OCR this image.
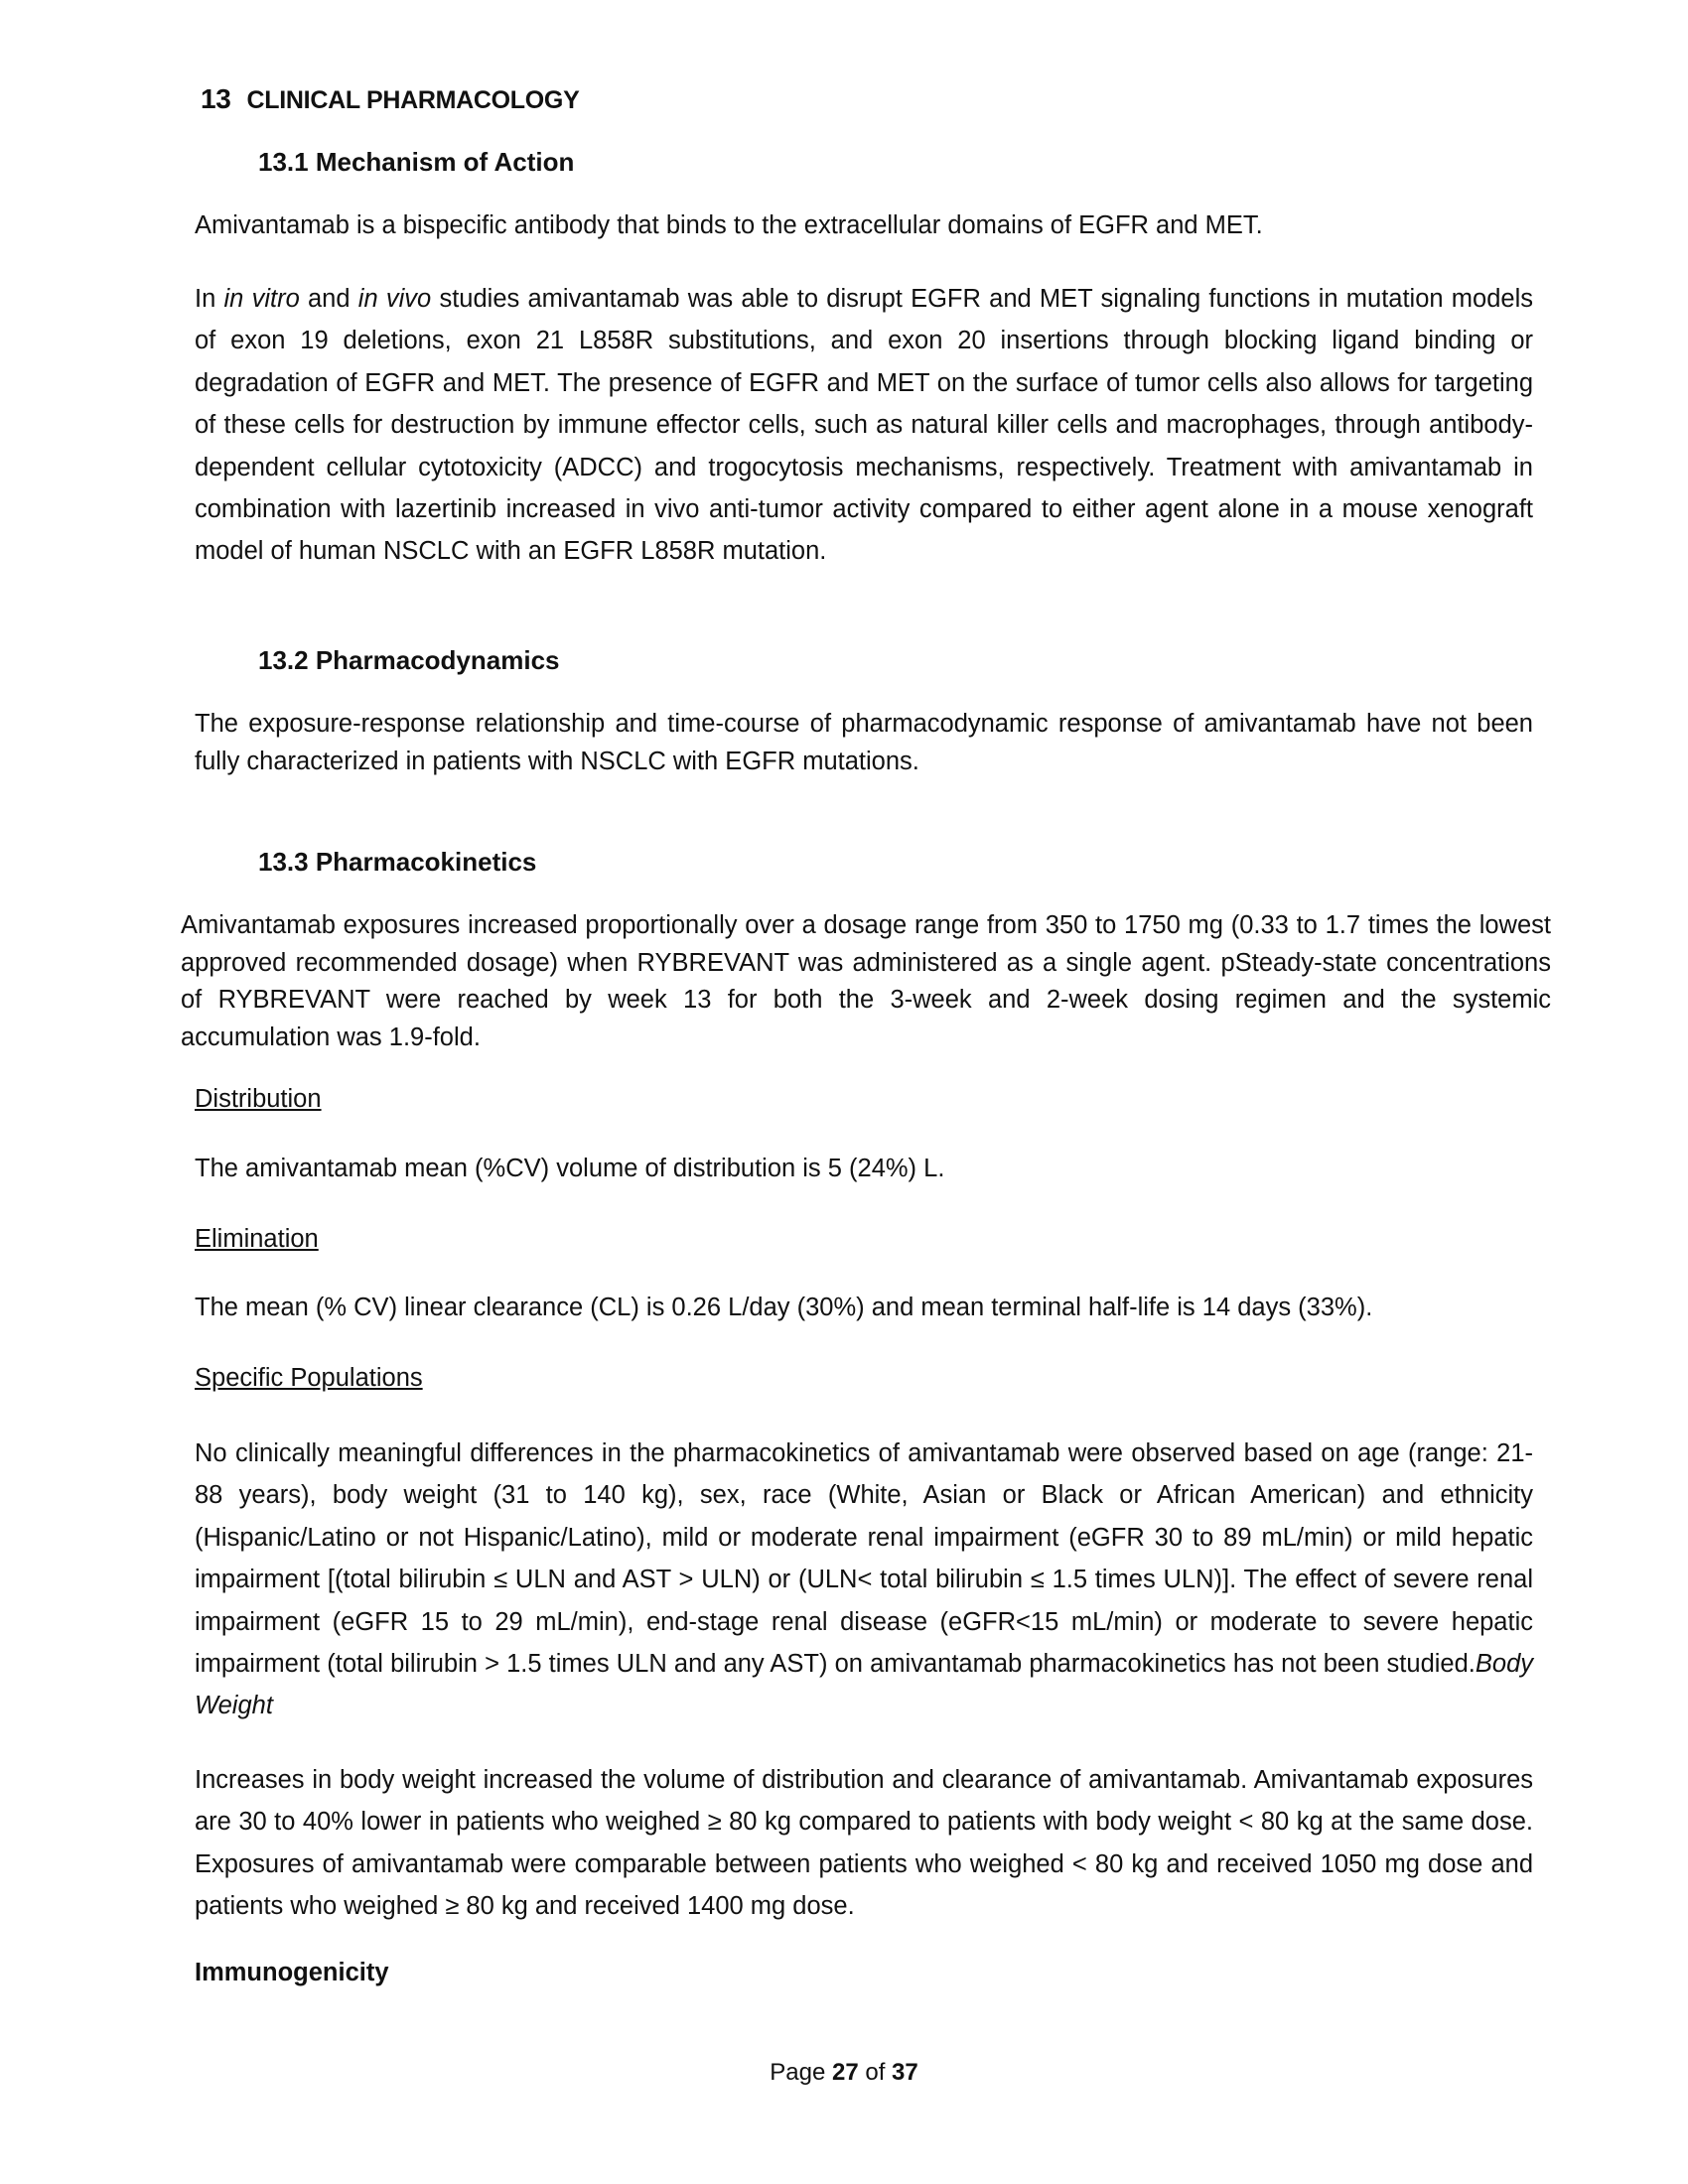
13 CLINICAL PHARMACOLOGY
13.1 Mechanism of Action
Amivantamab is a bispecific antibody that binds to the extracellular domains of EGFR and MET.
In in vitro and in vivo studies amivantamab was able to disrupt EGFR and MET signaling functions in mutation models of exon 19 deletions, exon 21 L858R substitutions, and exon 20 insertions through blocking ligand binding or degradation of EGFR and MET. The presence of EGFR and MET on the surface of tumor cells also allows for targeting of these cells for destruction by immune effector cells, such as natural killer cells and macrophages, through antibody-dependent cellular cytotoxicity (ADCC) and trogocytosis mechanisms, respectively. Treatment with amivantamab in combination with lazertinib increased in vivo anti-tumor activity compared to either agent alone in a mouse xenograft model of human NSCLC with an EGFR L858R mutation.
13.2 Pharmacodynamics
The exposure-response relationship and time-course of pharmacodynamic response of amivantamab have not been fully characterized in patients with NSCLC with EGFR mutations.
13.3 Pharmacokinetics
Amivantamab exposures increased proportionally over a dosage range from 350 to 1750 mg (0.33 to 1.7 times the lowest approved recommended dosage) when RYBREVANT was administered as a single agent. pSteady-state concentrations of RYBREVANT were reached by week 13 for both the 3-week and 2-week dosing regimen and the systemic accumulation was 1.9-fold.
Distribution
The amivantamab mean (%CV) volume of distribution is 5 (24%) L.
Elimination
The mean (% CV) linear clearance (CL) is 0.26 L/day (30%) and mean terminal half-life is 14 days (33%).
Specific Populations
No clinically meaningful differences in the pharmacokinetics of amivantamab were observed based on age (range: 21-88 years), body weight (31 to 140 kg), sex, race (White, Asian or Black or African American) and ethnicity (Hispanic/Latino or not Hispanic/Latino), mild or moderate renal impairment (eGFR 30 to 89 mL/min) or mild hepatic impairment [(total bilirubin ≤ ULN and AST > ULN) or (ULN< total bilirubin ≤ 1.5 times ULN)]. The effect of severe renal impairment (eGFR 15 to 29 mL/min), end-stage renal disease (eGFR<15 mL/min) or moderate to severe hepatic impairment (total bilirubin > 1.5 times ULN and any AST) on amivantamab pharmacokinetics has not been studied.Body Weight
Increases in body weight increased the volume of distribution and clearance of amivantamab. Amivantamab exposures are 30 to 40% lower in patients who weighed ≥ 80 kg compared to patients with body weight < 80 kg at the same dose. Exposures of amivantamab were comparable between patients who weighed < 80 kg and received 1050 mg dose and patients who weighed ≥ 80 kg and received 1400 mg dose.
Immunogenicity
Page 27 of 37
